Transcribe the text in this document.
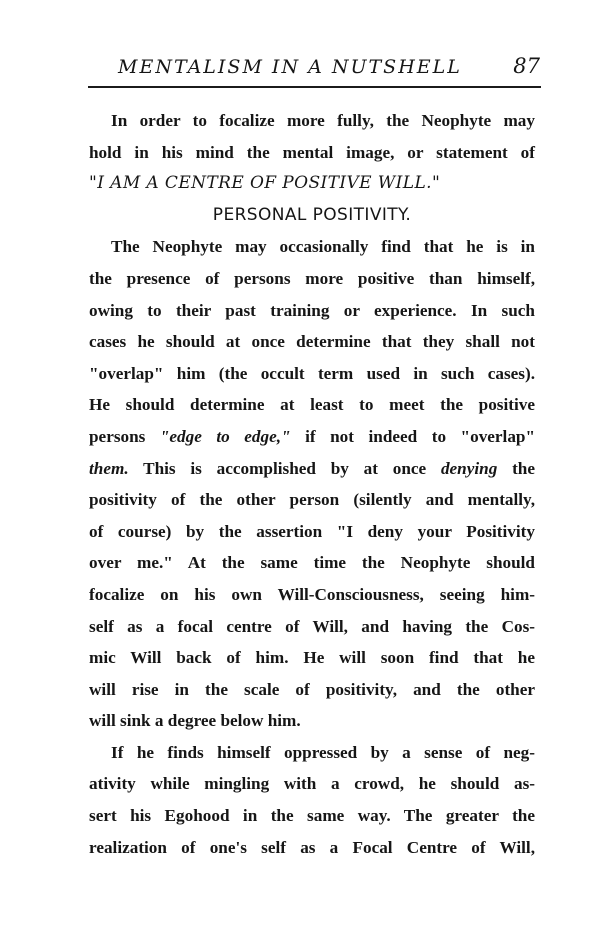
MENTALISM IN A NUTSHELL 87
In order to focalize more fully, the Neophyte may
hold in his mind the mental image, or statement of
"I AM A CENTRE OF POSITIVE WILL."
PERSONAL POSITIVITY.
The Neophyte may occasionally find that he is in
the presence of persons more positive than himself,
owing to their past training or experience. In such
cases he should at once determine that they shall not
"overlap" him (the occult term used in such cases).
He should determine at least to meet the positive
persons "edge to edge," if not indeed to "overlap"
them. This is accomplished by at once denying the
positivity of the other person (silently and mentally,
of course) by the assertion "I deny your Positivity
over me." At the same time the Neophyte should
focalize on his own Will-Consciousness, seeing him-
self as a focal centre of Will, and having the Cos-
mic Will back of him. He will soon find that he
will rise in the scale of positivity, and the other
will sink a degree below him.
If he finds himself oppressed by a sense of neg-
ativity while mingling with a crowd, he should as-
sert his Egohood in the same way. The greater the
realization of one's self as a Focal Centre of Will,
